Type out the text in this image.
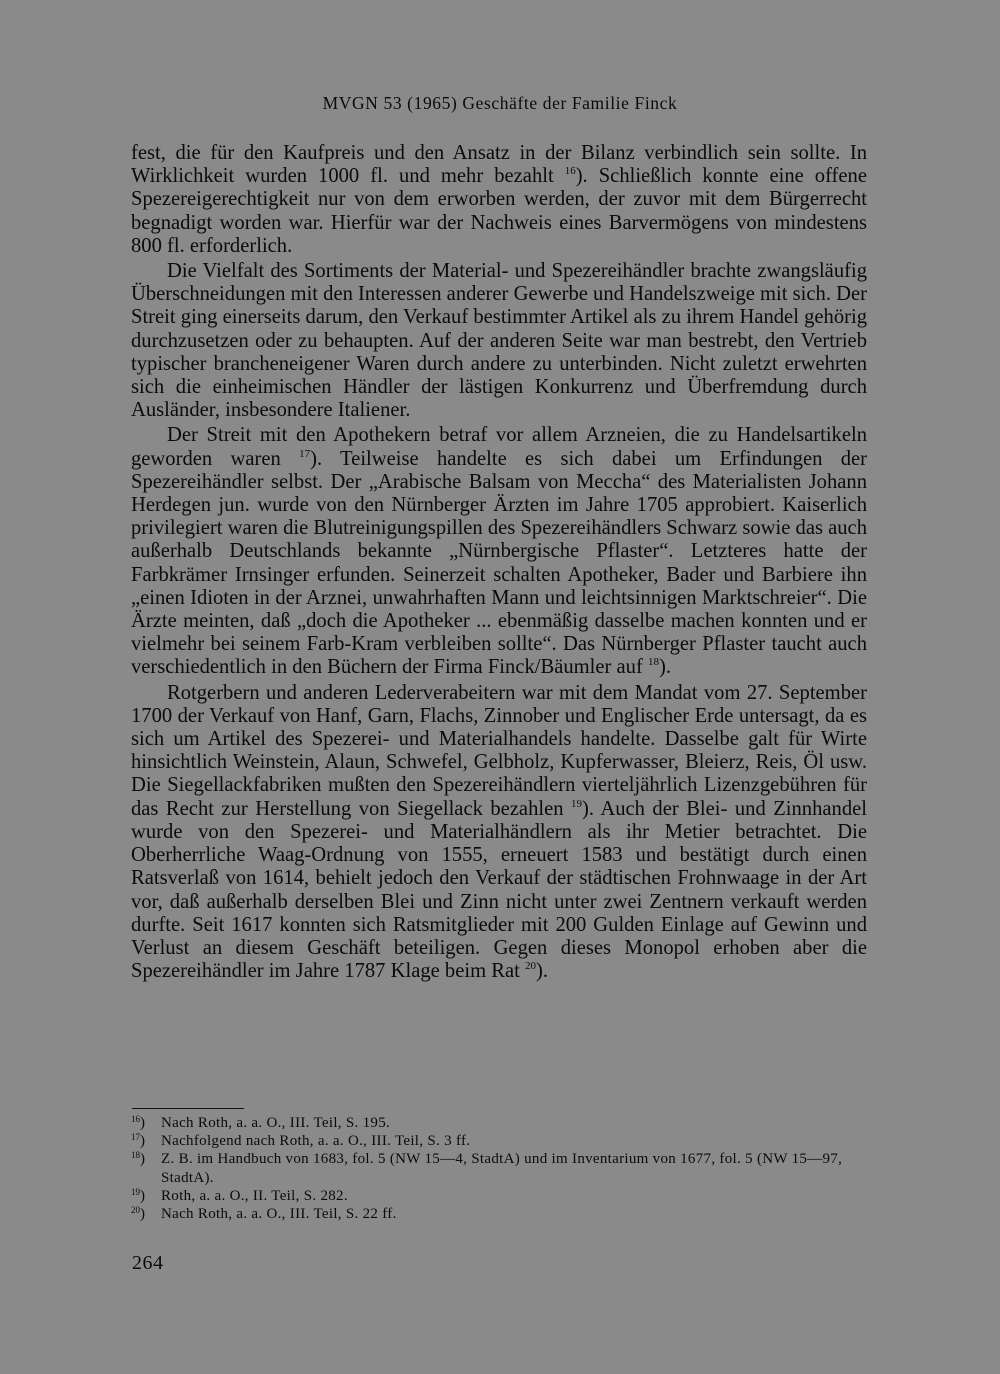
MVGN 53 (1965) Geschäfte der Familie Finck

fest, die für den Kaufpreis und den Ansatz in der Bilanz verbindlich sein sollte. In Wirklichkeit wurden 1000 fl. und mehr bezahlt $^{16}$). Schließlich konnte eine offene Spezereigerechtigkeit nur von dem erworben werden, der zuvor mit dem Bürgerrecht begnadigt worden war. Hierfür war der Nachweis eines Barvermögens von mindestens 800 fl. erforderlich.

Die Vielfalt des Sortiments der Material- und Spezereihändler brachte zwangsläufig Überschneidungen mit den Interessen anderer Gewerbe und Handelszweige mit sich. Der Streit ging einerseits darum, den Verkauf bestimmter Artikel als zu ihrem Handel gehörig durchzusetzen oder zu behaupten. Auf der anderen Seite war man bestrebt, den Vertrieb typischer brancheneigener Waren durch andere zu unterbinden. Nicht zuletzt erwehrten sich die einheimischen Händler der lästigen Konkurrenz und Überfremdung durch Ausländer, insbesondere Italiener.

Der Streit mit den Apothekern betraf vor allem Arzneien, die zu Handelsartikeln geworden waren $^{17}$). Teilweise handelte es sich dabei um Erfindungen der Spezereihändler selbst. Der „Arabische Balsam von Meccha“ des Materialisten Johann Herdegen jun. wurde von den Nürnberger Ärzten im Jahre 1705 approbiert. Kaiserlich privilegiert waren die Blutreinigungspillen des Spezereihändlers Schwarz sowie das auch außerhalb Deutschlands bekannte „Nürnbergische Pflaster“. Letzteres hatte der Farbkrämer Irnsinger erfunden. Seinerzeit schalten Apotheker, Bader und Barbiere ihn „einen Idioten in der Arznei, unwahrhaften Mann und leichtsinnigen Marktschreier“. Die Ärzte meinten, daß „doch die Apotheker ... ebenmäßig dasselbe machen konnten und er vielmehr bei seinem Farb-Kram verbleiben sollte“. Das Nürnberger Pflaster taucht auch verschiedentlich in den Büchern der Firma Finck/Bäumler auf $^{18}$).

Rotgerbern und anderen Lederverabeitern war mit dem Mandat vom 27. September 1700 der Verkauf von Hanf, Garn, Flachs, Zinnober und Englischer Erde untersagt, da es sich um Artikel des Spezerei- und Materialhandels handelte. Dasselbe galt für Wirte hinsichtlich Weinstein, Alaun, Schwefel, Gelbholz, Kupferwasser, Bleierz, Reis, Öl usw. Die Siegellackfabriken mußten den Spezereihändlern vierteljährlich Lizenzgebühren für das Recht zur Herstellung von Siegellack bezahlen $^{19}$). Auch der Blei- und Zinnhandel wurde von den Spezerei- und Materialhändlern als ihr Metier betrachtet. Die Oberherrliche Waag-Ordnung von 1555, erneuert 1583 und bestätigt durch einen Ratsverlaß von 1614, behielt jedoch den Verkauf der städtischen Frohnwaage in der Art vor, daß außerhalb derselben Blei und Zinn nicht unter zwei Zentnern verkauft werden durfte. Seit 1617 konnten sich Ratsmitglieder mit 200 Gulden Einlage auf Gewinn und Verlust an diesem Geschäft beteiligen. Gegen dieses Monopol erhoben aber die Spezereihändler im Jahre 1787 Klage beim Rat $^{20}$).

$^{16}$)	Nach Roth, a. a. O., III. Teil, S. 195.
$^{17}$)	Nachfolgend nach Roth, a. a. O., III. Teil, S. 3 ff.
$^{18}$)	Z. B. im Handbuch von 1683, fol. 5 (NW 15—4, StadtA) und im Inventarium von 1677, fol. 5 (NW 15—97, StadtA).
$^{19}$)	Roth, a. a. O., II. Teil, S. 282.
$^{20}$)	Nach Roth, a. a. O., III. Teil, S. 22 ff.
264
